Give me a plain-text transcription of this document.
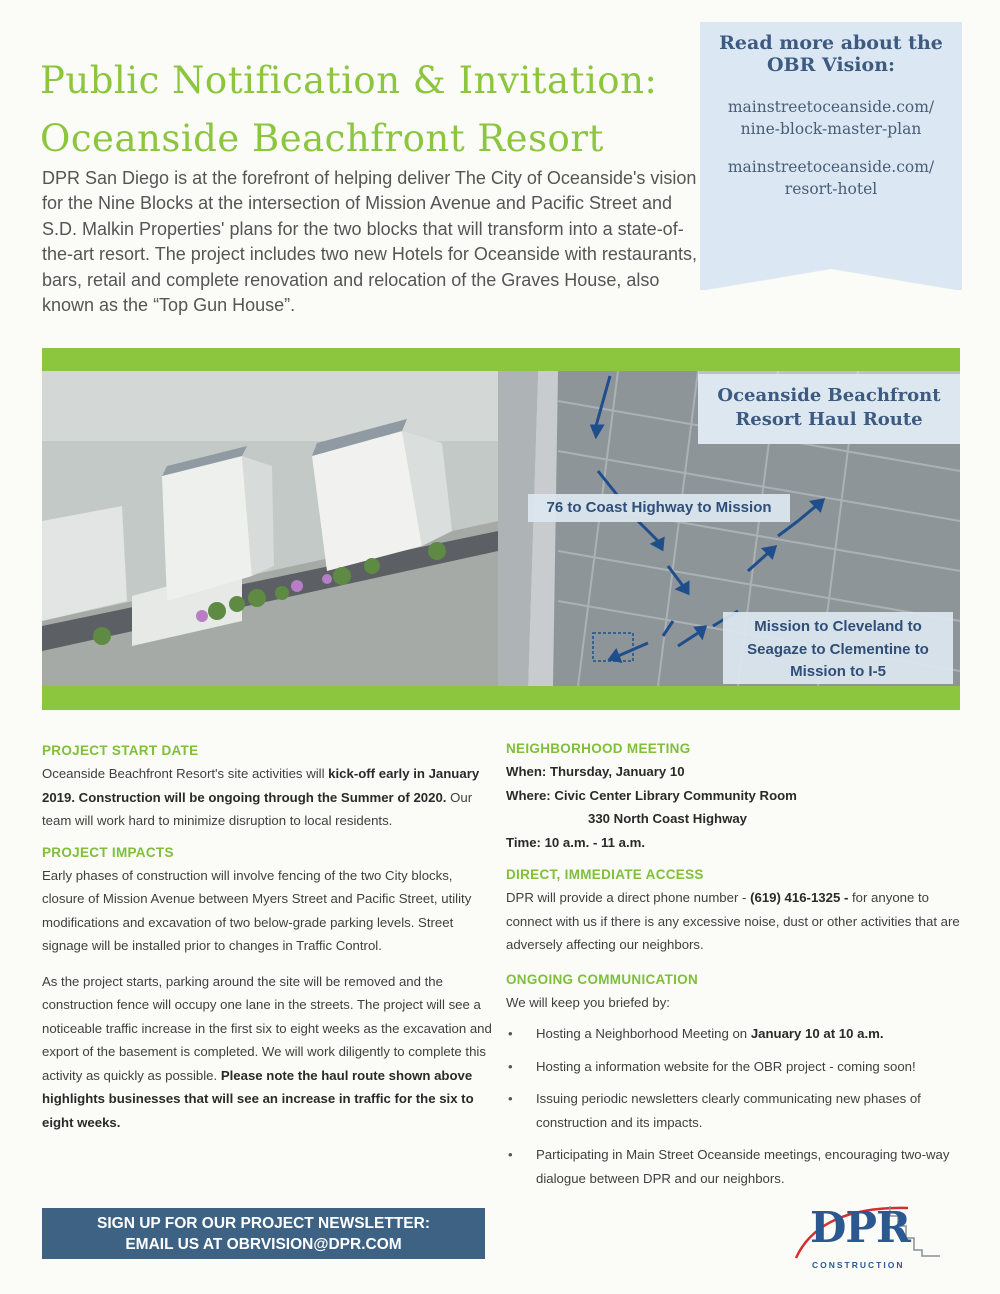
Public Notification & Invitation:
Oceanside Beachfront Resort

DPR San Diego is at the forefront of helping deliver The City of Oceanside's vision for the Nine Blocks at the intersection of Mission Avenue and Pacific Street and S.D. Malkin Properties' plans for the two blocks that will transform into a state-of-the-art resort. The project includes two new Hotels for Oceanside with restaurants, bars, retail and complete renovation and relocation of the Graves House, also known as the “Top Gun House”.

Read more about the OBR Vision:
mainstreetoceanside.com/
nine-block-master-plan
mainstreetoceanside.com/
resort-hotel
Oceanside Beachfront Resort Haul Route
76 to Coast Highway to Mission
Mission to Cleveland to Seagaze to Clementine to Mission to I-5
PROJECT START DATE

Oceanside Beachfront Resort's site activities will kick-off early in January 2019. Construction will be ongoing through the Summer of 2020. Our team will work hard to minimize disruption to local residents.

PROJECT IMPACTS

Early phases of construction will involve fencing of the two City blocks, closure of Mission Avenue between Myers Street and Pacific Street, utility modifications and excavation of two below-grade parking levels. Street signage will be installed prior to changes in Traffic Control.

As the project starts, parking around the site will be removed and the construction fence will occupy one lane in the streets. The project will see a noticeable traffic increase in the first six to eight weeks as the excavation and export of the basement is completed. We will work diligently to complete this activity as quickly as possible. Please note the haul route shown above highlights businesses that will see an increase in traffic for the six to eight weeks.

NEIGHBORHOOD MEETING
When: Thursday, January 10
Where: Civic Center Library Community Room
330 North Coast Highway
Time: 10 a.m. - 11 a.m.
DIRECT, IMMEDIATE ACCESS

DPR will provide a direct phone number - (619) 416-1325 - for anyone to connect with us if there is any excessive noise, dust or other activities that are adversely affecting our neighbors.

ONGOING COMMUNICATION

We will keep you briefed by:

• Hosting a Neighborhood Meeting on January 10 at 10 a.m.
• Hosting a information website for the OBR project - coming soon!
• Issuing periodic newsletters clearly communicating new phases of construction and its impacts.
• Participating in Main Street Oceanside meetings, encouraging two-way dialogue between DPR and our neighbors.
SIGN UP FOR OUR PROJECT NEWSLETTER:
EMAIL US AT OBRVISION@DPR.COM	DPR
CONSTRUCTION
